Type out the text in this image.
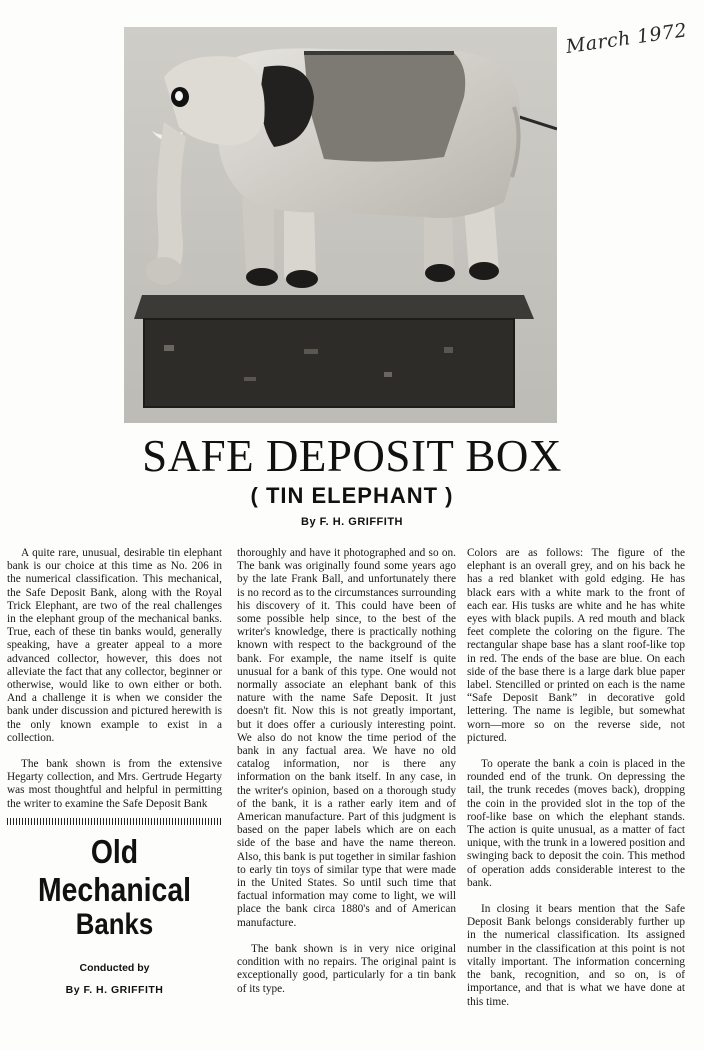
March 1972
SAFE DEPOSIT BOX
( TIN ELEPHANT )
By F. H. GRIFFITH

A quite rare, unusual, desirable tin elephant bank is our choice at this time as No. 206 in the numerical classification. This mechanical, the Safe Deposit Bank, along with the Royal Trick Elephant, are two of the real challenges in the elephant group of the mechanical banks. True, each of these tin banks would, generally speaking, have a greater appeal to a more advanced collector, however, this does not alleviate the fact that any collector, beginner or otherwise, would like to own either or both. And a challenge it is when we consider the bank under discussion and pictured herewith is the only known example to exist in a collection.

The bank shown is from the extensive Hegarty collection, and Mrs. Gertrude Hegarty was most thoughtful and helpful in permitting the writer to examine the Safe Deposit Bank

Old Mechanical
Banks
Conducted by
By F. H. GRIFFITH

thoroughly and have it photographed and so on. The bank was originally found some years ago by the late Frank Ball, and unfortunately there is no record as to the circumstances surrounding his discovery of it. This could have been of some possible help since, to the best of the writer's knowledge, there is practically nothing known with respect to the background of the bank. For example, the name itself is quite unusual for a bank of this type. One would not normally associate an elephant bank of this nature with the name Safe Deposit. It just doesn't fit. Now this is not greatly important, but it does offer a curiously interesting point. We also do not know the time period of the bank in any factual area. We have no old catalog information, nor is there any information on the bank itself. In any case, in the writer's opinion, based on a thorough study of the bank, it is a rather early item and of American manufacture. Part of this judgment is based on the paper labels which are on each side of the base and have the name thereon. Also, this bank is put together in similar fashion to early tin toys of similar type that were made in the United States. So until such time that factual information may come to light, we will place the bank circa 1880's and of American manufacture.

The bank shown is in very nice original condition with no repairs. The original paint is exceptionally good, particularly for a tin bank of its type.

Colors are as follows: The figure of the elephant is an overall grey, and on his back he has a red blanket with gold edging. He has black ears with a white mark to the front of each ear. His tusks are white and he has white eyes with black pupils. A red mouth and black feet complete the coloring on the figure. The rectangular shape base has a slant roof-like top in red. The ends of the base are blue. On each side of the base there is a large dark blue paper label. Stencilled or printed on each is the name “Safe Deposit Bank” in decorative gold lettering. The name is legible, but somewhat worn—more so on the reverse side, not pictured.

To operate the bank a coin is placed in the rounded end of the trunk. On depressing the tail, the trunk recedes (moves back), dropping the coin in the provided slot in the top of the roof-like base on which the elephant stands. The action is quite unusual, as a matter of fact unique, with the trunk in a lowered position and swinging back to deposit the coin. This method of operation adds considerable interest to the bank.

In closing it bears mention that the Safe Deposit Bank belongs considerably further up in the numerical classification. Its assigned number in the classification at this point is not vitally important. The information concerning the bank, recognition, and so on, is of importance, and that is what we have done at this time.
